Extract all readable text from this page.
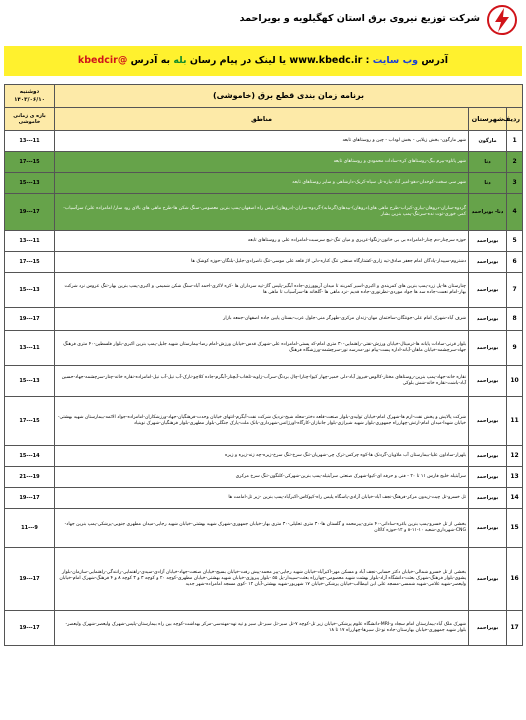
شرکت توزیع نیروی برق استان کهگیلویه و بویراحمد
آدرس وب سایت : www.kbedc.ir یا لینک در پیام رسان بله به آدرس @kbedcir
برنامه زمان بندی قطع برق (خاموشی)			دوشنبه
۱۴۰۳/۰۶/۱۰

ردیف	شهرستان	مناطق	بازه ی زمانی خاموشی
1	مارگون	شهر مارگون- بخش زیلایی - بخش لوداب - چین و روستاهای تابعه	13---11
2	دنا	شهر پاتاوه-بیرم بیگ-روستاهای کره-سادات محمودی و روستاهای تابعه	17---15
3	دنا	شهر سی سخت-کوخدان-دهو-امیر آباد-بیاره-تل سیاه-کریک-دارشاهی و سایر روستاهای تابعه	15---13
4	دنا- بویراحمد	گردوه-ساران-دروهان-بیاری-کیزاب-طرح ماهی های(دروهان)-بیدهای(گرمابه)-گردوه-ساران-(دروهان)-پلیس راه اصفهان-پمپ بنزین معصومی-سنگ شکن ها-طرح ماهی های بالای رود سار/ امامزاده علی/ سرآسیاب-کمی خوری-توت نده-سرتنگ-پمپ بنزین بشار	19---17
5	بویراحمد	حوزه سرچنار-دم چنار-امامزاده بی بی خاتون-زنگوا-عزیزی و میان تنگ-نیچ سرسبت-امامزاده علی و روستاهای تابعه	13---11
6	بویراحمد	دشتروم-سپیدار-پادگان امام جعفر صادق-تیه زاری-کشتارگاه صنعتی تنگ کناره-دلی لاژ قلعه علی موسی-تنگ ناصرادی-جلیل-بلنگان-حوزه کوشک ها	17---15
7	بویراحمد	چنارستان ها-پل زرد-پمپ بنزین های کمربندی و اکبری-اسیر کمربند تا میدان آرپوورزی-جاده آبگیر-پلیس گاز-تپه سرداران ها -کره لاکری-احمد آباد-سنگ شکن شمیمی و اکبری-پمپ بنزین بهار-تنگ عروس نزد شرکت بهار-امام نعمت-جاده سد ها جواد موردی-نظرنوری-جاده قدیم -نزد ماهی ها -گلخانه ها-سرآسیاب تا ماهی ها	15---13
8	بویراحمد	شرف آباد-شهرک امام علی-جونتگان-ساختمان مهان-زندان مرکزی-طهرگر منی-جلول عرب-بستان پایین جاده اصفهان-جمعه بازار	19---17
9	بویراحمد	بلوار قرنی-سادات پایانه ها-ترمینال-خیابان ورزش-نفتی-راهنمایی-۳۰ متری امام-کد پستی-امامزاده علی-شهرک قدس-خیابان ورزش-امام رضا-بیمارستان شهید جلیل-پمپ بنزین اکبری-بلوار فلسطین-۴۰ متری فرهنگ جهاد-سرچشمه-خیابان ماهان-آبانه-اداره پست-پیام نور-مدرسه نور-سرچشمه-ورزشگاه فرهنگ	13---11
10	بویراحمد	نقاره خانه-جهاد-پمپ بنزین-روستاهای مختار-کالوس-فیروز آباد-دلی خمیر-چهار کیوا-چنارا-چال بردنگ-سرآب-زاویه-تلخاب-آبچنار-آبگرم-جاده کلاچو-نارک-آب نیل-آب نیل-امامزاده-نقاره خانه-چنار-سرچشمه-جهاد-حسین آباد-باشت-نقاره خانه-شش بلوکی	15---13
11	بویراحمد	شرکت پالایش و پخش نفت-ارم ها-شهرک امام-خیابان تولیدی-بلوار صنعت-قلعه دختر-محله شیخ-نزدیک شرکت نفت-آبگرم-انتهای خیابان وحدت-فرهنگیان-جهاد-ورزشکاران-امامزاده-جواد الائمه-بیمارستان شهید بهشتی-خیابان شهدا-میدان امام-ارتش-چهارراه جمهوری-بلوار شهید شیرازی-بلوار جانبازان-کارگاه-اورژانس-شهرداری-بانک ملت-پارک جنگلی-بلوار مطهری-بلوار فرهنگیان-شهرک نوبنیاد	17---15
12	بویراحمد	بلهزار-ساداون علیا-بیمارستان آب ملاویان-گردنک ها-کوه چرکس-ترک چی-شهریان-تنگ سرخ-تنگ سرخ-زیره-چه زنه-زیره و زیره	15---14
13	بویراحمد	سرآبتیله خلیج فارس ۱۱ تا ۲۰ - فنی و حرفه ای-کیوا-شهرک صنعتی سرآبتیله-پمپ بنزین-شهرکی-کلنگون-تنگ سرخ مرکزی	21---19
14	بویراحمد	تل خسرو-تل چیت-زیدون مرکز-فرهنگ-نجف آباد-خیابان آزادی-پاسگاه پلیس راه-کیوکاس-اکبرآباد-پمپ بنزین -زیر تل-امامت ها	19---17
15	بویراحمد	بخشی از تل خسرو-پمپ بنزین باغره-ساداتی-۴۰ متری-پیرمحمد و گلستان ها-۳۰ متری تحلیلی-۳۰ متری بهار-خیابان جمهوری-شهرک شهید بهشتی-خیابان شهید رجایی-میدان مطهری جنوبی-پزشکی-پمپ بنزین جهاد-CNG-شهرداری-شعبه ۱۰-۱۱-۸ و ۱۲-حوزه کاکان	11---9
16	بویراحمد	بخشی از تل خسرو شمالی-خیابان دکتر حسابی-نجف آباد و مسکن مهر-اکبرآباد-خیابان شهید رجایی-پیر محمد-پیش رفت-خیابان بسیج-خیابان صنعت-جهاد-خیابان آزادی-سیدی-راهنمایی-رانندگی-راهنمایی-سازمان-بلوار پشوی-بلوار فرهنگ-شهرک بعثت-دانشگاه آزاد-بلوار بهشت شهید معصومی-چهارراه بعثت-سپیدار-پل ۵۵ -بلوار پیروزی-خیابان شهید بهشتی-خیابان مطهری-کوچه ۲۰ و کوچه ۳ و ۳ کوچه ۸ و ۴ فرهنگ-شهرک امام-خیابان ولیعصر-شهید غلامی-شهید شمسی-مسجد علی ابن ابیطالب-خیابان پزشکی-خیابان ۱۷ شهریور-شهید بهشتی-آبان ۱۲ -کوی مسجد امامزاده-شهر جدید	19---17
17	بویراحمد	شهرک ملک آباد-بیمارستان امام سجاد و-MRI-دانشگاه علوم پزشکی-خیابان زیر تل-کوچه ۷-تل سبز-تل سبز-تل سبز و تپه نهد-مهندسی-مرکز بهداشت-کوچه بین راه بیمارستان-پلیس-شهرک ولیعصر-شهرک ولیعصر-بلوار شهید جمهوری-خیابان بهارستان-جاده نو-تل سبزها-چهارراه ۱۷ تا ۱۸	19---17
